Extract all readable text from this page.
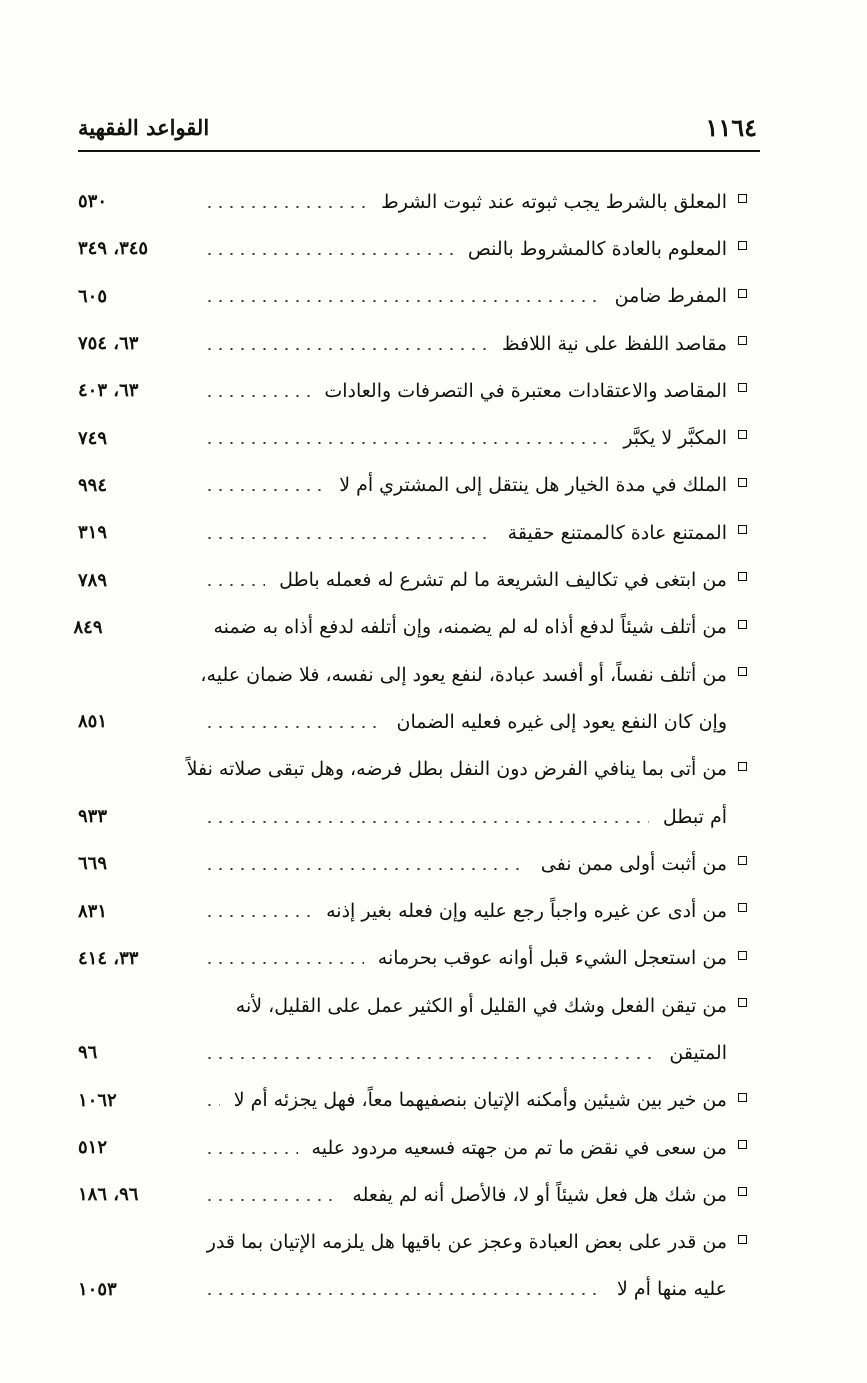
القواعد الفقهية	١١٦٤
المعلق بالشرط يجب ثبوته عند ثبوت الشرط
٥٣٠
المعلوم بالعادة كالمشروط بالنص
٣٤٥، ٣٤٩
المفرط ضامن
٦٠٥
مقاصد اللفظ على نية اللافظ
٦٣، ٧٥٤
المقاصد والاعتقادات معتبرة في التصرفات والعادات
٦٣، ٤٠٣
المكبَّر لا يكبَّر
٧٤٩
الملك في مدة الخيار هل ينتقل إلى المشتري أم لا
٩٩٤
الممتنع عادة كالممتنع حقيقة
٣١٩
من ابتغى في تكاليف الشريعة ما لم تشرع له فعمله باطل
٧٨٩
من أتلف شيئاً لدفع أذاه له لم يضمنه، وإن أتلفه لدفع أذاه به ضمنه
٨٤٩
من أتلف نفساً، أو أفسد عبادة، لنفع يعود إلى نفسه، فلا ضمان عليه،
وإن كان النفع يعود إلى غيره فعليه الضمان
٨٥١
من أتى بما ينافي الفرض دون النفل بطل فرضه، وهل تبقى صلاته نفلاً
أم تبطل
٩٣٣
من أثبت أولى ممن نفى
٦٦٩
من أدى عن غيره واجباً رجع عليه وإن فعله بغير إذنه
٨٣١
من استعجل الشيء قبل أوانه عوقب بحرمانه
٣٣، ٤١٤
من تيقن الفعل وشك في القليل أو الكثير عمل على القليل، لأنه
المتيقن
٩٦
من خير بين شيئين وأمكنه الإتيان بنصفيهما معاً، فهل يجزئه أم لا
١٠٦٢
من سعى في نقض ما تم من جهته فسعيه مردود عليه
٥١٢
من شك هل فعل شيئاً أو لا، فالأصل أنه لم يفعله
٩٦، ١٨٦
من قدر على بعض العبادة وعجز عن باقيها هل يلزمه الإتيان بما قدر
عليه منها أم لا
١٠٥٣
